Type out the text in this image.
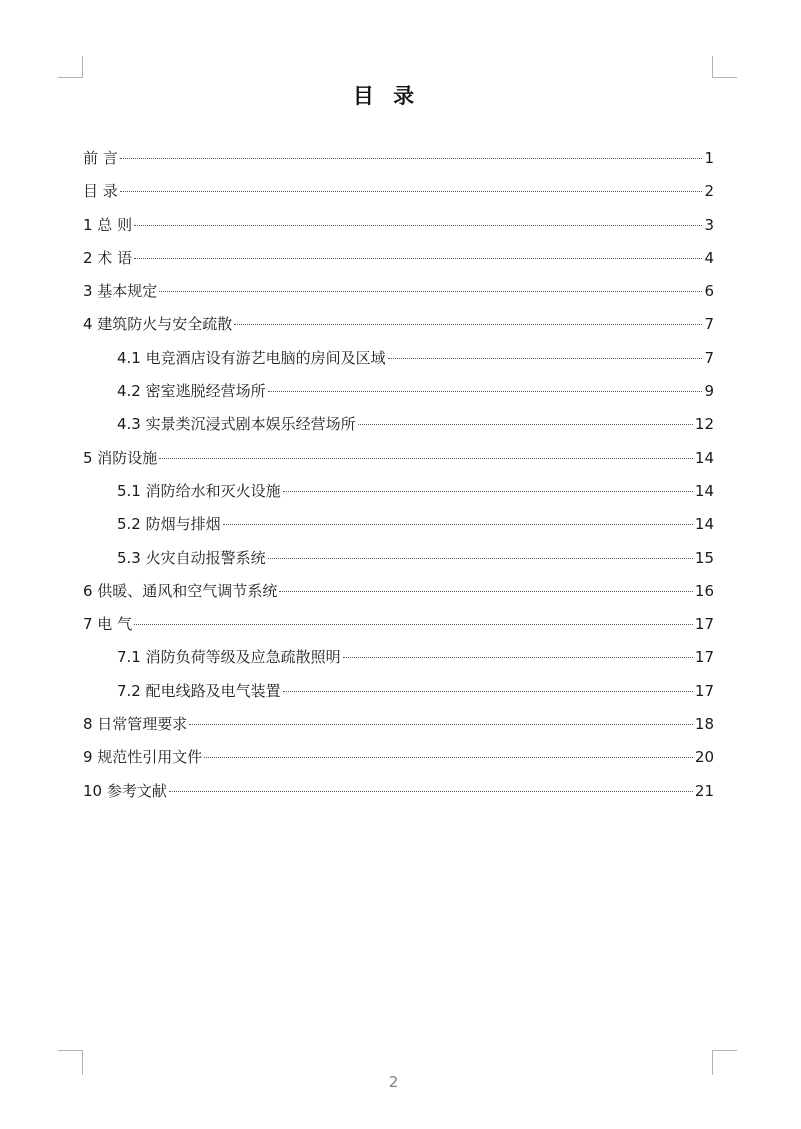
目 录
前 言	1
目 录	2
1 总 则	3
2 术 语	4
3 基本规定	6
4 建筑防火与安全疏散	7
4.1 电竞酒店设有游艺电脑的房间及区域	7
4.2 密室逃脱经营场所	9
4.3 实景类沉浸式剧本娱乐经营场所	12
5 消防设施	14
5.1 消防给水和灭火设施	14
5.2 防烟与排烟	14
5.3 火灾自动报警系统	15
6 供暖、通风和空气调节系统	16
7 电 气	17
7.1 消防负荷等级及应急疏散照明	17
7.2 配电线路及电气装置	17
8 日常管理要求	18
9 规范性引用文件	20
10 参考文献	21
2
